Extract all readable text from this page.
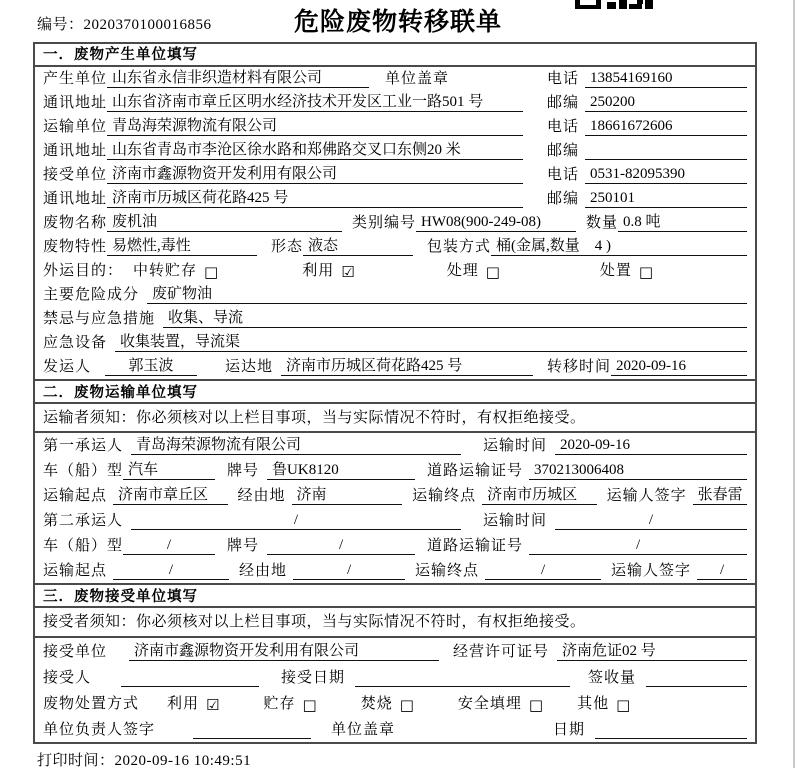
编号：2020370100016856	危险废物转移联单
一．废物产生单位填写
产生单位 山东省永信非织造材料有限公司	单位盖章	电话 13854169160
通讯地址 山东省济南市章丘区明水经济技术开发区工业一路501 号	邮编 250200
运输单位 青岛海荣源物流有限公司	电话 18661672606
通讯地址 山东省青岛市李沧区徐水路和郑佛路交叉口东侧20 米	邮编
接受单位 济南市鑫源物资开发利用有限公司	电话 0531-82095390
通讯地址 济南市历城区荷花路425 号	邮编 250101
废物名称 废机油	类别编号 HW08(900-249-08)	数量 0.8 吨
废物特性 易燃性,毒性	形态 液态	包装方式 桶(金属,数量　4 )
外运目的： 中转贮存 □	利用 ☑	处理 □	处置 □
主要危险成分 废矿物油
禁忌与应急措施 收集、导流
应急设备 收集装置，导流渠
发运人	郭玉波	运达地 济南市历城区荷花路425 号	转移时间 2020-09-16
二．废物运输单位填写
运输者须知：你必须核对以上栏目事项，当与实际情况不符时，有权拒绝接受。
第一承运人 青岛海荣源物流有限公司	运输时间 2020-09-16
车（船）型 汽车	牌号 鲁UK8120	道路运输证号 370213006408
运输起点 济南市章丘区	经由地 济南	运输终点 济南市历城区	运输人签字 张春雷
第二承运人	/	运输时间	/
车（船）型	/	牌号	/	道路运输证号	/
运输起点	/	经由地	/	运输终点	/	运输人签字	/
三．废物接受单位填写
接受者须知：你必须核对以上栏目事项，当与实际情况不符时，有权拒绝接受。
接受单位	济南市鑫源物资开发利用有限公司	经营许可证号 济南危证02 号
接受人	接受日期	签收量
废物处置方式 利用 ☑	贮存 □	焚烧 □	安全填埋 □ 其他 □
单位负责人签字	单位盖章	日期
打印时间：2020-09-16 10:49:51
